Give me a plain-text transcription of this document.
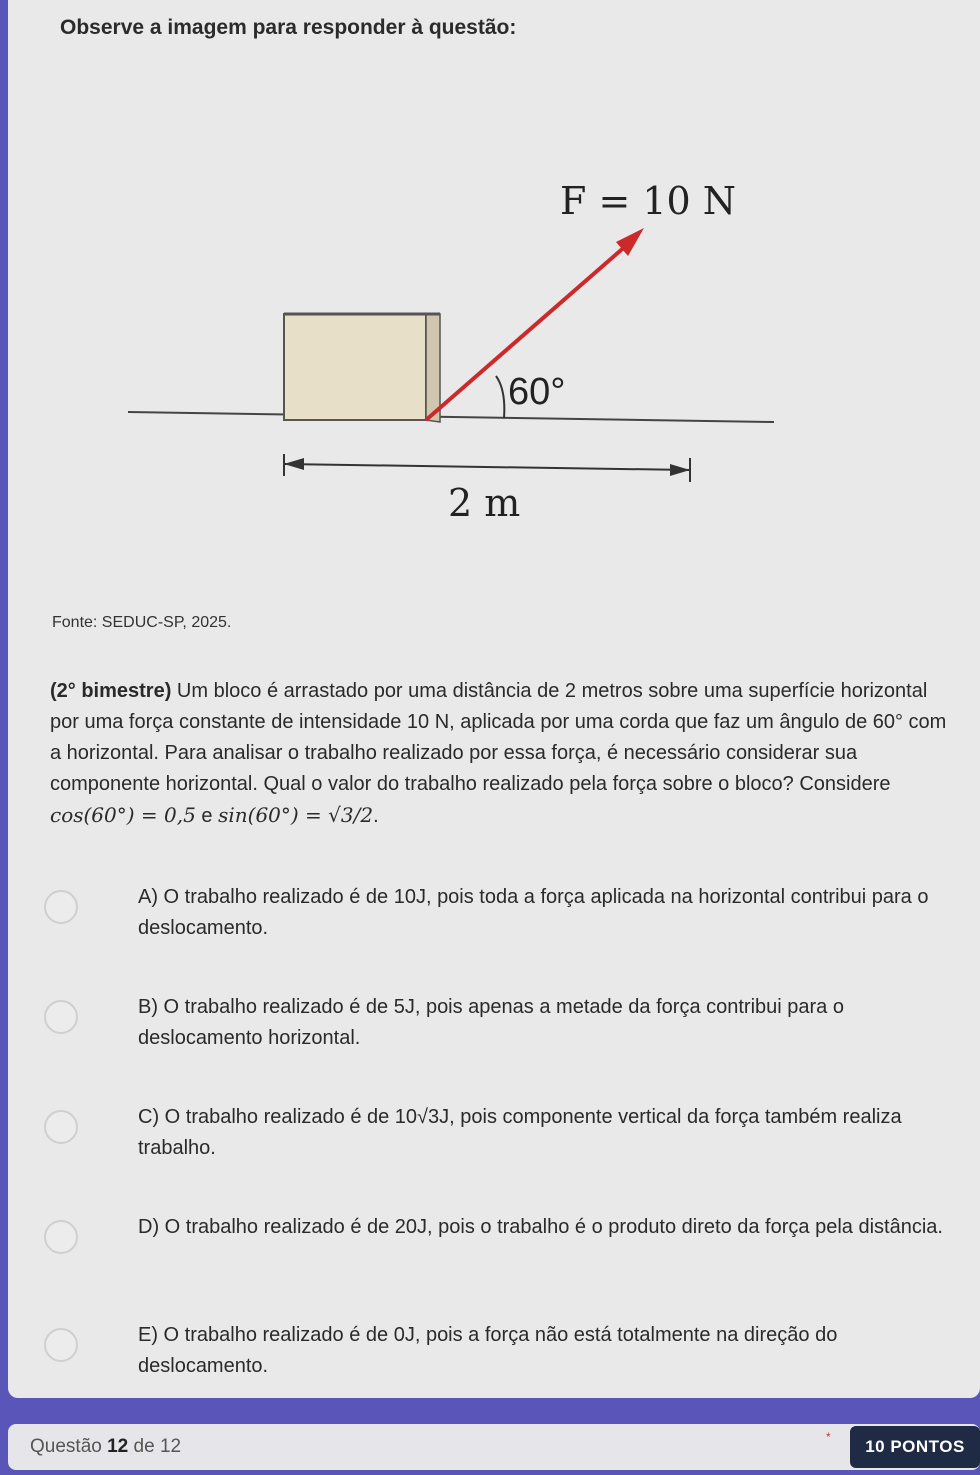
Observe a imagem para responder à questão:
F = 10 N
60°
2 m
Fonte: SEDUC-SP, 2025.
(2° bimestre) Um bloco é arrastado por uma distância de 2 metros sobre uma superfície horizontal por uma força constante de intensidade 10 N, aplicada por uma corda que faz um ângulo de 60° com a horizontal. Para analisar o trabalho realizado por essa força, é necessário considerar sua componente horizontal. Qual o valor do trabalho realizado pela força sobre o bloco? Considere cos(60°) = 0,5 e sin(60°) = √3/2.
A) O trabalho realizado é de 10J, pois toda a força aplicada na horizontal contribui para o deslocamento.
B) O trabalho realizado é de 5J, pois apenas a metade da força contribui para o deslocamento horizontal.
C) O trabalho realizado é de 10√3J, pois componente vertical da força também realiza trabalho.
D) O trabalho realizado é de 20J, pois o trabalho é o produto direto da força pela distância.
E) O trabalho realizado é de 0J, pois a força não está totalmente na direção do deslocamento.
Questão 12 de 12	*	10 PONTOS
